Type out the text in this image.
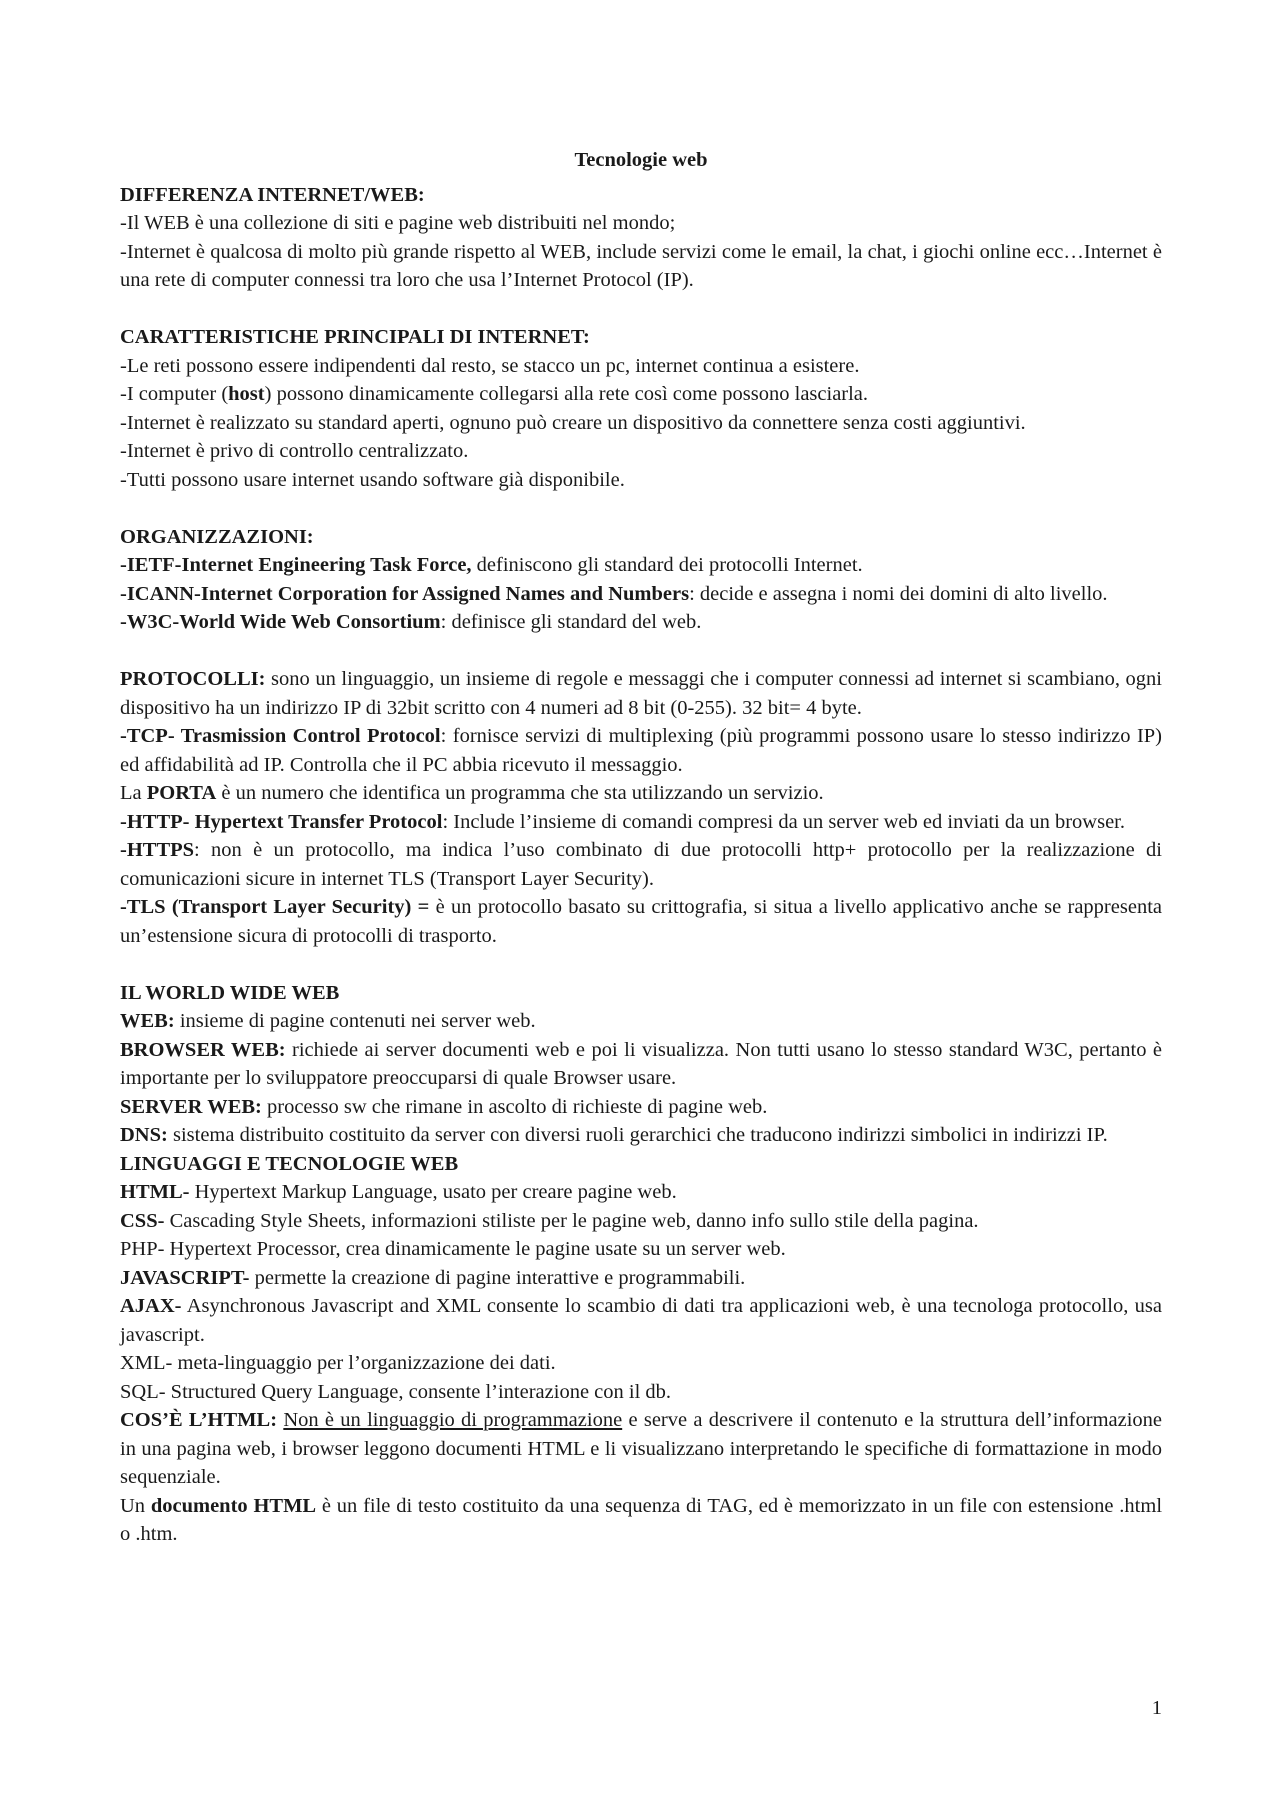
Tecnologie web

DIFFERENZA INTERNET/WEB:

-Il WEB è una collezione di siti e pagine web distribuiti nel mondo;

-Internet è qualcosa di molto più grande rispetto al WEB, include servizi come le email, la chat, i giochi online ecc…Internet è una rete di computer connessi tra loro che usa l’Internet Protocol (IP).

CARATTERISTICHE PRINCIPALI DI INTERNET:

-Le reti possono essere indipendenti dal resto, se stacco un pc, internet continua a esistere.

-I computer (host) possono dinamicamente collegarsi alla rete così come possono lasciarla.

-Internet è realizzato su standard aperti, ognuno può creare un dispositivo da connettere senza costi aggiuntivi.

-Internet è privo di controllo centralizzato.

-Tutti possono usare internet usando software già disponibile.

ORGANIZZAZIONI:

-IETF-Internet Engineering Task Force, definiscono gli standard dei protocolli Internet.

-ICANN-Internet Corporation for Assigned Names and Numbers: decide e assegna i nomi dei domini di alto livello.

-W3C-World Wide Web Consortium: definisce gli standard del web.

PROTOCOLLI: sono un linguaggio, un insieme di regole e messaggi che i computer connessi ad internet si scambiano, ogni dispositivo ha un indirizzo IP di 32bit scritto con 4 numeri ad 8 bit (0-255). 32 bit= 4 byte.

-TCP- Trasmission Control Protocol: fornisce servizi di multiplexing (più programmi possono usare lo stesso indirizzo IP) ed affidabilità ad IP. Controlla che il PC abbia ricevuto il messaggio.

La PORTA è un numero che identifica un programma che sta utilizzando un servizio.

-HTTP- Hypertext Transfer Protocol: Include l’insieme di comandi compresi da un server web ed inviati da un browser.

-HTTPS: non è un protocollo, ma indica l’uso combinato di due protocolli http+ protocollo per la realizzazione di comunicazioni sicure in internet TLS (Transport Layer Security).

-TLS (Transport Layer Security) = è un protocollo basato su crittografia, si situa a livello applicativo anche se rappresenta un’estensione sicura di protocolli di trasporto.

IL WORLD WIDE WEB

WEB: insieme di pagine contenuti nei server web.

BROWSER WEB: richiede ai server documenti web e poi li visualizza. Non tutti usano lo stesso standard W3C, pertanto è importante per lo sviluppatore preoccuparsi di quale Browser usare.

SERVER WEB: processo sw che rimane in ascolto di richieste di pagine web.

DNS: sistema distribuito costituito da server con diversi ruoli gerarchici che traducono indirizzi simbolici in indirizzi IP.

LINGUAGGI E TECNOLOGIE WEB

HTML- Hypertext Markup Language, usato per creare pagine web.

CSS- Cascading Style Sheets, informazioni stiliste per le pagine web, danno info sullo stile della pagina.

PHP- Hypertext Processor, crea dinamicamente le pagine usate su un server web.

JAVASCRIPT- permette la creazione di pagine interattive e programmabili.

AJAX- Asynchronous Javascript and XML consente lo scambio di dati tra applicazioni web, è una tecnologa protocollo, usa javascript.

XML- meta-linguaggio per l’organizzazione dei dati.

SQL- Structured Query Language, consente l’interazione con il db.

COS’È L’HTML: Non è un linguaggio di programmazione e serve a descrivere il contenuto e la struttura dell’informazione in una pagina web, i browser leggono documenti HTML e li visualizzano interpretando le specifiche di formattazione in modo sequenziale.

Un documento HTML è un file di testo costituito da una sequenza di TAG, ed è memorizzato in un file con estensione .html o .htm.

1
